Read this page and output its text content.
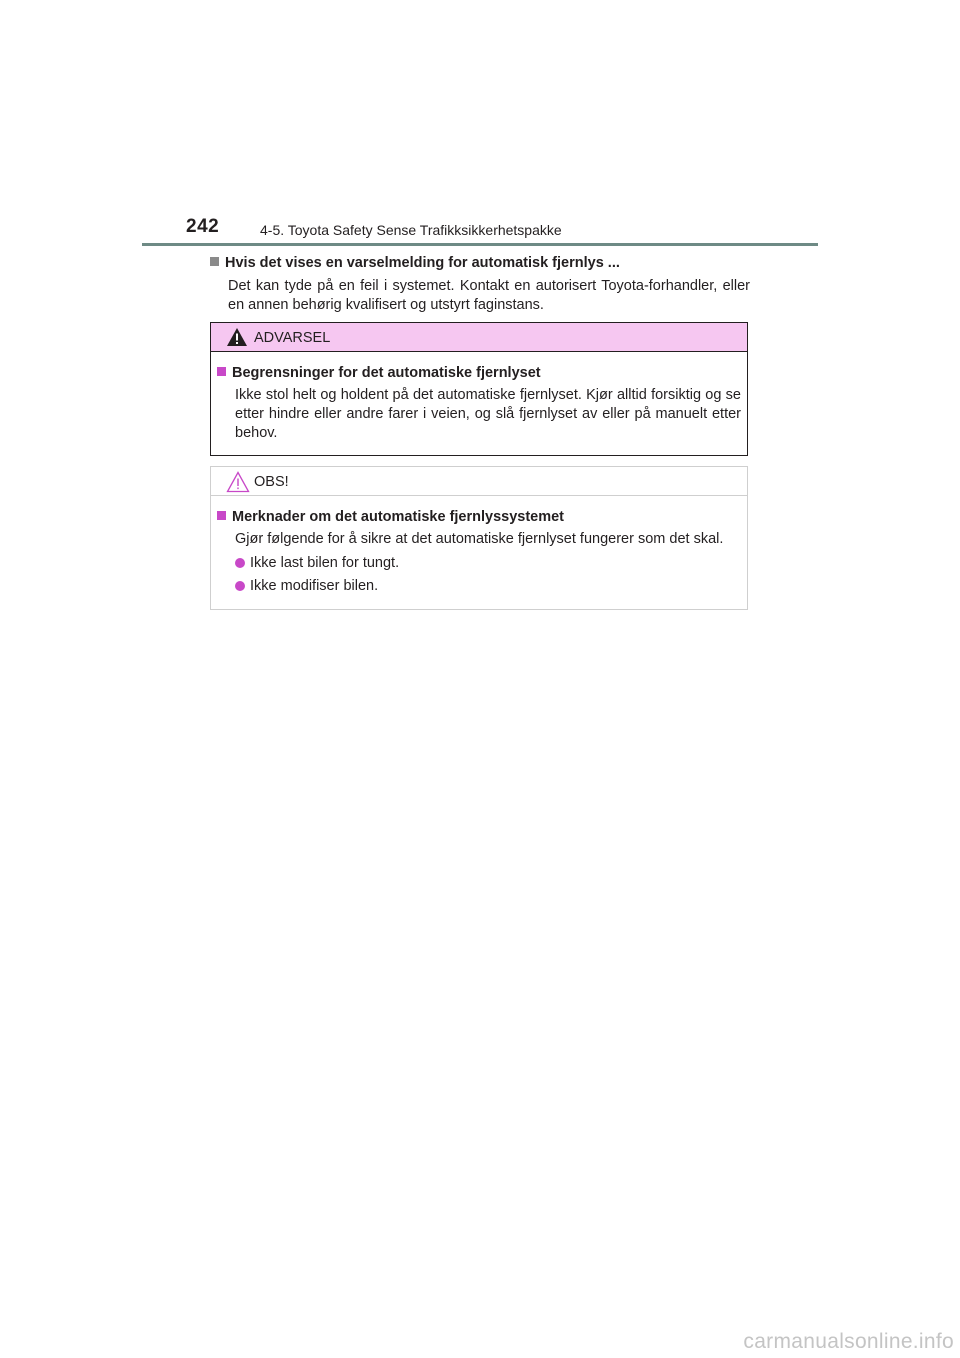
242	4-5. Toyota Safety Sense Trafikksikkerhetspakke

Hvis det vises en varselmelding for automatisk fjernlys ...

Det kan tyde på en feil i systemet. Kontakt en autorisert Toyota-forhandler, eller en annen behørig kvalifisert og utstyrt faginstans.

ADVARSEL

Begrensninger for det automatiske fjernlyset

Ikke stol helt og holdent på det automatiske fjernlyset. Kjør alltid forsiktig og se etter hindre eller andre farer i veien, og slå fjernlyset av eller på manuelt etter behov.

OBS!

Merknader om det automatiske fjernlyssystemet

Gjør følgende for å sikre at det automatiske fjernlyset fungerer som det skal.

Ikke last bilen for tungt.
Ikke modifiser bilen.
carmanualsonline.info
